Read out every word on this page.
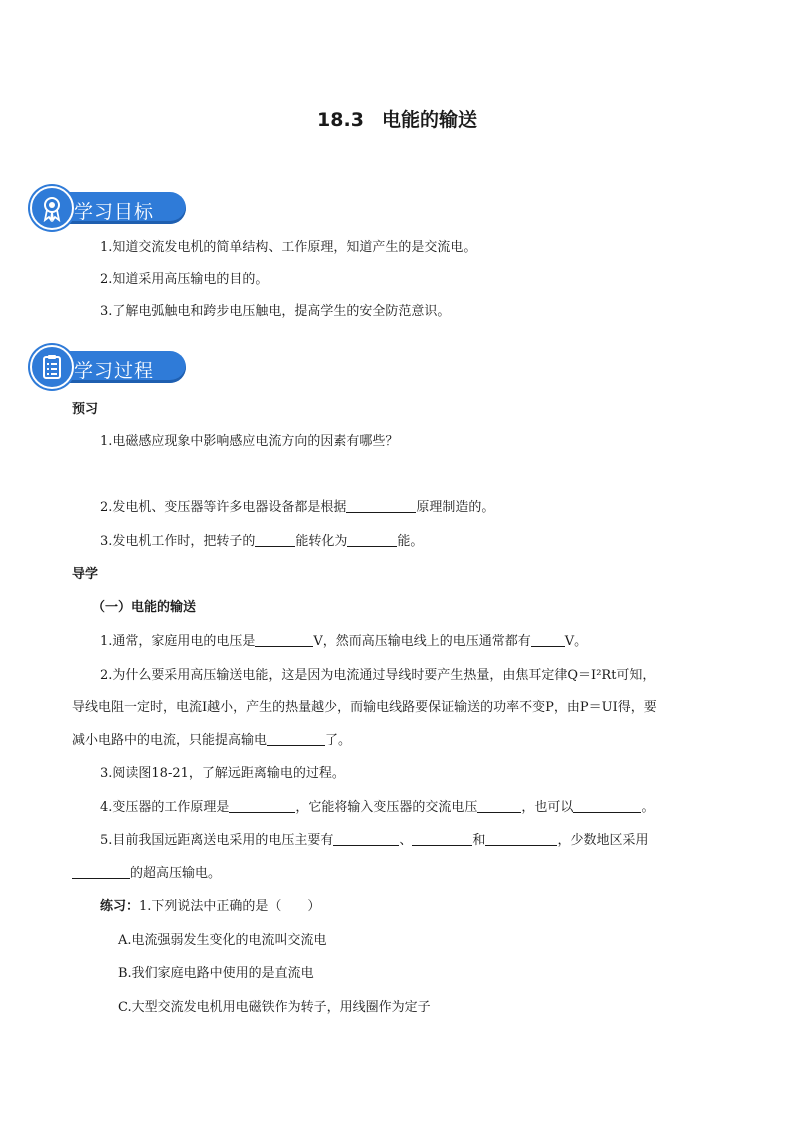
18.3 电能的输送
学习目标
1.知道交流发电机的简单结构、工作原理，知道产生的是交流电。
2.知道采用高压输电的目的。
3.了解电弧触电和跨步电压触电，提高学生的安全防范意识。
学习过程
预习
1.电磁感应现象中影响感应电流方向的因素有哪些？
2.发电机、变压器等许多电器设备都是根据	原理制造的。
3.发电机工作时，把转子的	能转化为	能。
导学
（一）电能的输送
1.通常，家庭用电的电压是	V，然而高压输电线上的电压通常都有	V。
2.为什么要采用高压输送电能，这是因为电流通过导线时要产生热量，由焦耳定律Q＝I²Rt可知，
导线电阻一定时，电流I越小，产生的热量越少，而输电线路要保证输送的功率不变P，由P＝UI得，要
减小电路中的电流，只能提高输电	了。
3.阅读图18-21，了解远距离输电的过程。
4.变压器的工作原理是	，它能将输入变压器的交流电压	，也可以	。
5.目前我国远距离送电采用的电压主要有	、	和	，少数地区采用
的超高压输电。
练习：1.下列说法中正确的是（　　）
A.电流强弱发生变化的电流叫交流电
B.我们家庭电路中使用的是直流电
C.大型交流发电机用电磁铁作为转子，用线圈作为定子
